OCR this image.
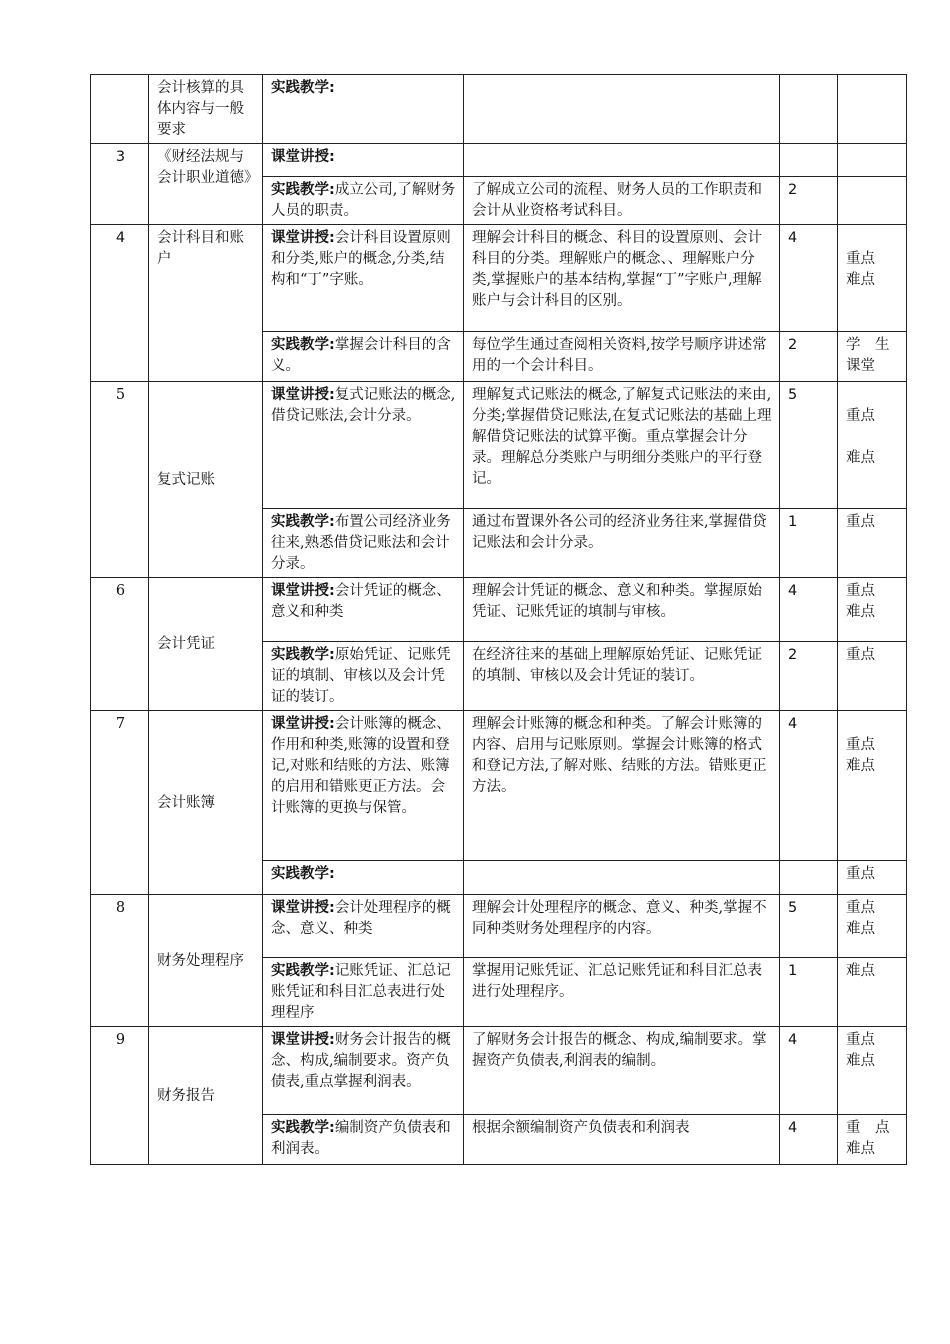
	会计核算的具体内容与一般要求	实践教学:			
3	《财经法规与会计职业道德》	课堂讲授:			
		实践教学:成立公司,了解财务人员的职责。	了解成立公司的流程、财务人员的工作职责和会计从业资格考试科目。	2	
4	会计科目和账户	课堂讲授:会计科目设置原则和分类,账户的概念,分类,结构和“丁”字账。	理解会计科目的概念、科目的设置原则、会计科目的分类。理解账户的概念、、理解账户分类,掌握账户的基本结构,掌握“丁”字账户,理解账户与会计科目的区别。	4	重点
难点

		实践教学:掌握会计科目的含义。	每位学生通过查阅相关资料,按学号顺序讲述常用的一个会计科目。	2	学　生
课堂

5	复式记账	课堂讲授:复式记账法的概念,借贷记账法,会计分录。	理解复式记账法的概念,了解复式记账法的来由,分类;掌握借贷记账法,在复式记账法的基础上理解借贷记账法的试算平衡。重点掌握会计分录。理解总分类账户与明细分类账户的平行登记。	5	重点

难点

		实践教学:布置公司经济业务往来,熟悉借贷记账法和会计分录。	通过布置课外各公司的经济业务往来,掌握借贷记账法和会计分录。	1	重点

6	会计凭证	课堂讲授:会计凭证的概念、意义和种类	理解会计凭证的概念、意义和种类。掌握原始凭证、记账凭证的填制与审核。	4	重点
难点

		实践教学:原始凭证、记账凭证的填制、审核以及会计凭证的装订。	在经济往来的基础上理解原始凭证、记账凭证的填制、审核以及会计凭证的装订。	2	重点

7	会计账簿	课堂讲授:会计账簿的概念、作用和种类,账簿的设置和登记,对账和结账的方法、账簿的启用和错账更正方法。会计账簿的更换与保管。	理解会计账簿的概念和种类。了解会计账簿的内容、启用与记账原则。掌握会计账簿的格式和登记方法,了解对账、结账的方法。错账更正方法。	4	重点
难点

		实践教学:			重点

8	财务处理程序	课堂讲授:会计处理程序的概念、意义、种类	理解会计处理程序的概念、意义、种类,掌握不同种类财务处理程序的内容。	5	重点
难点

		实践教学:记账凭证、汇总记账凭证和科目汇总表进行处理程序	掌握用记账凭证、汇总记账凭证和科目汇总表进行处理程序。	1	难点

9	财务报告	课堂讲授:财务会计报告的概念、构成,编制要求。资产负债表,重点掌握利润表。	了解财务会计报告的概念、构成,编制要求。掌握资产负债表,利润表的编制。	4	重点
难点

		实践教学:编制资产负债表和利润表。	根据余额编制资产负债表和利润表	4	重　点
难点
